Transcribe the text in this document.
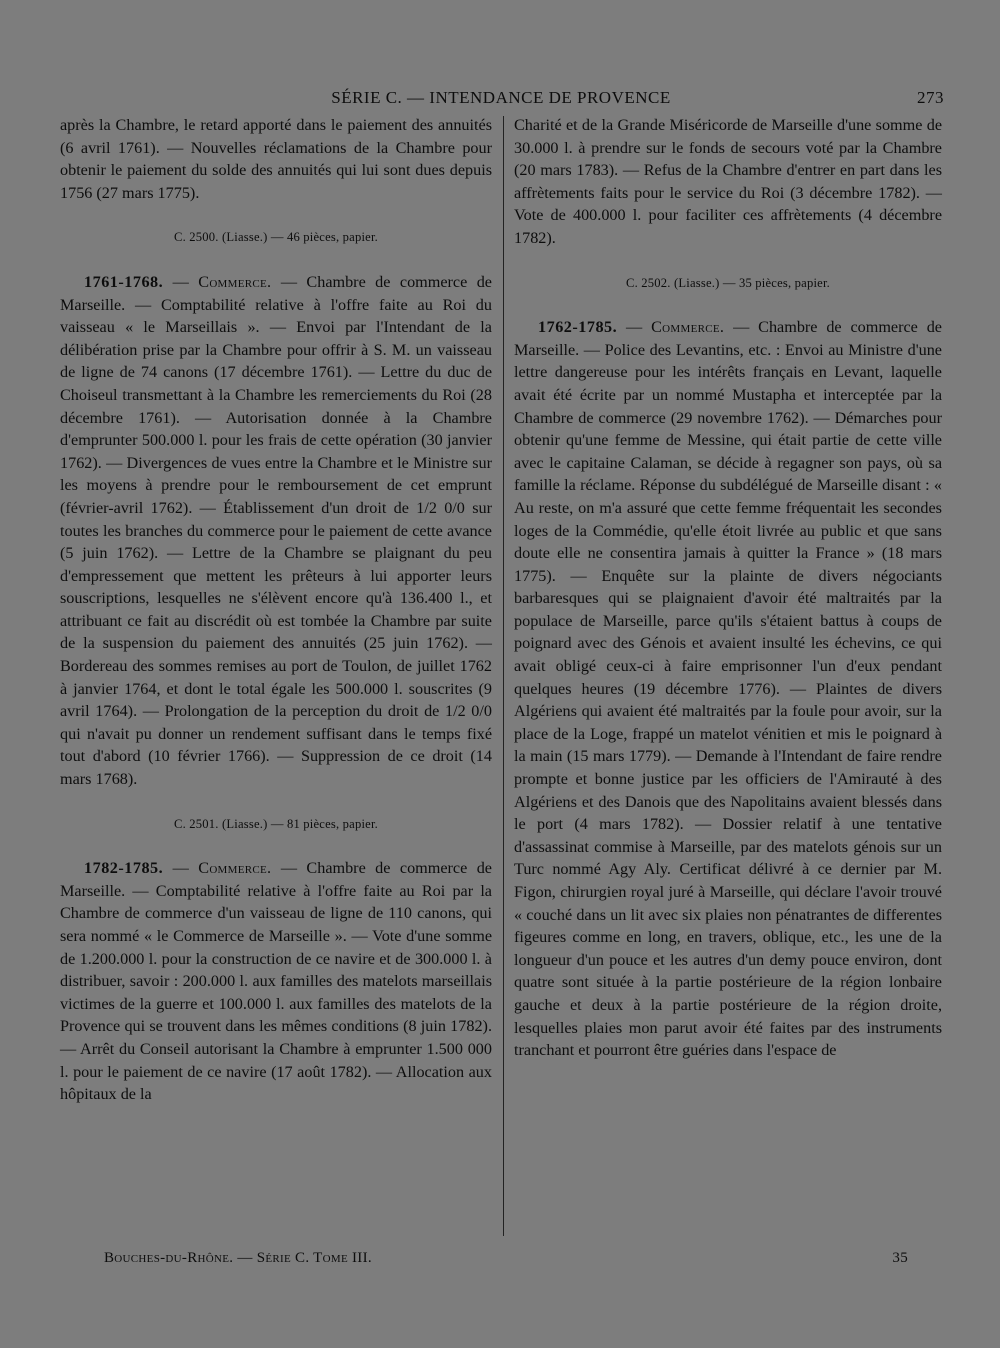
SÉRIE C. — INTENDANCE DE PROVENCE	273

après la Chambre, le retard apporté dans le paiement des annuités (6 avril 1761). — Nouvelles réclamations de la Chambre pour obtenir le paiement du solde des annuités qui lui sont dues depuis 1756 (27 mars 1775).

C. 2500. (Liasse.) — 46 pièces, papier.

1761-1768. — Commerce. — Chambre de commerce de Marseille. — Comptabilité relative à l'offre faite au Roi du vaisseau « le Marseillais ». — Envoi par l'Intendant de la délibération prise par la Chambre pour offrir à S. M. un vaisseau de ligne de 74 canons (17 décembre 1761). — Lettre du duc de Choiseul transmettant à la Chambre les remerciements du Roi (28 décembre 1761). — Autorisation donnée à la Chambre d'emprunter 500.000 l. pour les frais de cette opération (30 janvier 1762). — Divergences de vues entre la Chambre et le Ministre sur les moyens à prendre pour le remboursement de cet emprunt (février-avril 1762). — Établissement d'un droit de 1/2 0/0 sur toutes les branches du commerce pour le paiement de cette avance (5 juin 1762). — Lettre de la Chambre se plaignant du peu d'empressement que mettent les prêteurs à lui apporter leurs souscriptions, lesquelles ne s'élèvent encore qu'à 136.400 l., et attribuant ce fait au discrédit où est tombée la Chambre par suite de la suspension du paiement des annuités (25 juin 1762). — Bordereau des sommes remises au port de Toulon, de juillet 1762 à janvier 1764, et dont le total égale les 500.000 l. souscrites (9 avril 1764). — Prolongation de la perception du droit de 1/2 0/0 qui n'avait pu donner un rendement suffisant dans le temps fixé tout d'abord (10 février 1766). — Suppression de ce droit (14 mars 1768).

C. 2501. (Liasse.) — 81 pièces, papier.

1782-1785. — Commerce. — Chambre de commerce de Marseille. — Comptabilité relative à l'offre faite au Roi par la Chambre de commerce d'un vaisseau de ligne de 110 canons, qui sera nommé « le Commerce de Marseille ». — Vote d'une somme de 1.200.000 l. pour la construction de ce navire et de 300.000 l. à distribuer, savoir : 200.000 l. aux familles des matelots marseillais victimes de la guerre et 100.000 l. aux familles des matelots de la Provence qui se trouvent dans les mêmes conditions (8 juin 1782). — Arrêt du Conseil autorisant la Chambre à emprunter 1.500 000 l. pour le paiement de ce navire (17 août 1782). — Allocation aux hôpitaux de la

Charité et de la Grande Miséricorde de Marseille d'une somme de 30.000 l. à prendre sur le fonds de secours voté par la Chambre (20 mars 1783). — Refus de la Chambre d'entrer en part dans les affrètements faits pour le service du Roi (3 décembre 1782). — Vote de 400.000 l. pour faciliter ces affrètements (4 décembre 1782).

C. 2502. (Liasse.) — 35 pièces, papier.

1762-1785. — Commerce. — Chambre de commerce de Marseille. — Police des Levantins, etc. : Envoi au Ministre d'une lettre dangereuse pour les intérêts français en Levant, laquelle avait été écrite par un nommé Mustapha et interceptée par la Chambre de commerce (29 novembre 1762). — Démarches pour obtenir qu'une femme de Messine, qui était partie de cette ville avec le capitaine Calaman, se décide à regagner son pays, où sa famille la réclame. Réponse du subdélégué de Marseille disant : « Au reste, on m'a assuré que cette femme fréquentait les secondes loges de la Commédie, qu'elle étoit livrée au public et que sans doute elle ne consentira jamais à quitter la France » (18 mars 1775). — Enquête sur la plainte de divers négociants barbaresques qui se plaignaient d'avoir été maltraités par la populace de Marseille, parce qu'ils s'étaient battus à coups de poignard avec des Génois et avaient insulté les échevins, ce qui avait obligé ceux-ci à faire emprisonner l'un d'eux pendant quelques heures (19 décembre 1776). — Plaintes de divers Algériens qui avaient été maltraités par la foule pour avoir, sur la place de la Loge, frappé un matelot vénitien et mis le poignard à la main (15 mars 1779). — Demande à l'Intendant de faire rendre prompte et bonne justice par les officiers de l'Amirauté à des Algériens et des Danois que des Napolitains avaient blessés dans le port (4 mars 1782). — Dossier relatif à une tentative d'assassinat commise à Marseille, par des matelots génois sur un Turc nommé Agy Aly. Certificat délivré à ce dernier par M. Figon, chirurgien royal juré à Marseille, qui déclare l'avoir trouvé « couché dans un lit avec six plaies non pénatrantes de differentes figeures comme en long, en travers, oblique, etc., les une de la longueur d'un pouce et les autres d'un demy pouce environ, dont quatre sont située à la partie postérieure de la région lonbaire gauche et deux à la partie postérieure de la région droite, lesquelles plaies mon parut avoir été faites par des instruments tranchant et pourront être guéries dans l'espace de

Bouches-du-Rhône. — Série C. Tome III.	35
